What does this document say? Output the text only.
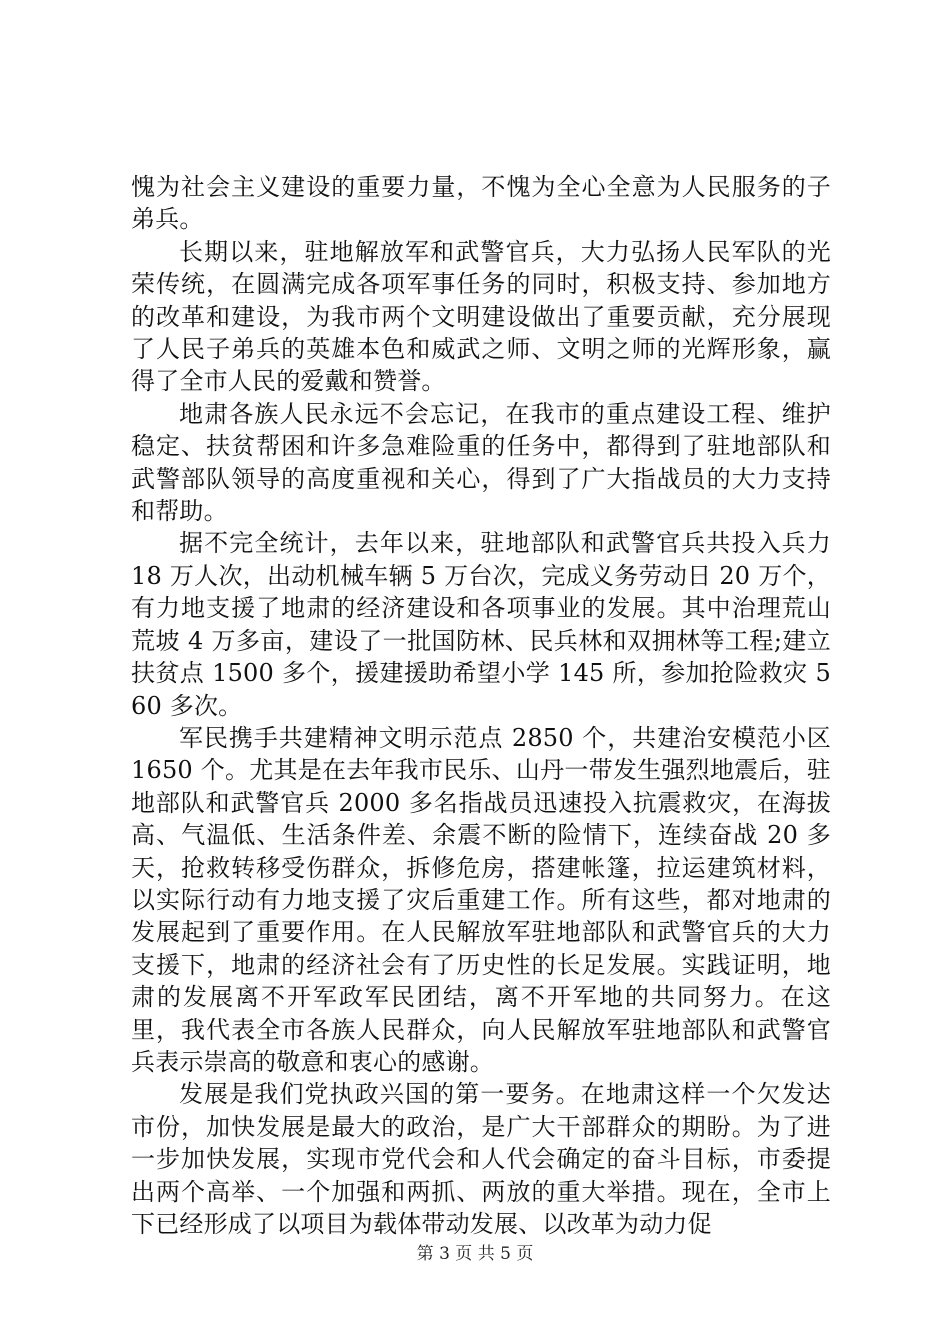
愧为社会主义建设的重要力量，不愧为全心全意为人民服务的子弟兵。

长期以来，驻地解放军和武警官兵，大力弘扬人民军队的光荣传统，在圆满完成各项军事任务的同时，积极支持、参加地方的改革和建设，为我市两个文明建设做出了重要贡献，充分展现了人民子弟兵的英雄本色和威武之师、文明之师的光辉形象，赢得了全市人民的爱戴和赞誉。

地肃各族人民永远不会忘记，在我市的重点建设工程、维护稳定、扶贫帮困和许多急难险重的任务中，都得到了驻地部队和武警部队领导的高度重视和关心，得到了广大指战员的大力支持和帮助。

据不完全统计，去年以来，驻地部队和武警官兵共投入兵力 18 万人次，出动机械车辆 5 万台次，完成义务劳动日 20 万个，有力地支援了地肃的经济建设和各项事业的发展。其中治理荒山荒坡 4 万多亩，建设了一批国防林、民兵林和双拥林等工程;建立扶贫点 1500 多个，援建援助希望小学 145 所，参加抢险救灾 560 多次。

军民携手共建精神文明示范点 2850 个，共建治安模范小区 1650 个。尤其是在去年我市民乐、山丹一带发生强烈地震后，驻地部队和武警官兵 2000 多名指战员迅速投入抗震救灾，在海拔高、气温低、生活条件差、余震不断的险情下，连续奋战 20 多天，抢救转移受伤群众，拆修危房，搭建帐篷，拉运建筑材料，以实际行动有力地支援了灾后重建工作。所有这些，都对地肃的发展起到了重要作用。在人民解放军驻地部队和武警官兵的大力支援下，地肃的经济社会有了历史性的长足发展。实践证明，地肃的发展离不开军政军民团结，离不开军地的共同努力。在这里，我代表全市各族人民群众，向人民解放军驻地部队和武警官兵表示崇高的敬意和衷心的感谢。

发展是我们党执政兴国的第一要务。在地肃这样一个欠发达市份，加快发展是最大的政治，是广大干部群众的期盼。为了进一步加快发展，实现市党代会和人代会确定的奋斗目标，市委提出两个高举、一个加强和两抓、两放的重大举措。现在，全市上下已经形成了以项目为载体带动发展、以改革为动力促

第 3 页 共 5 页
